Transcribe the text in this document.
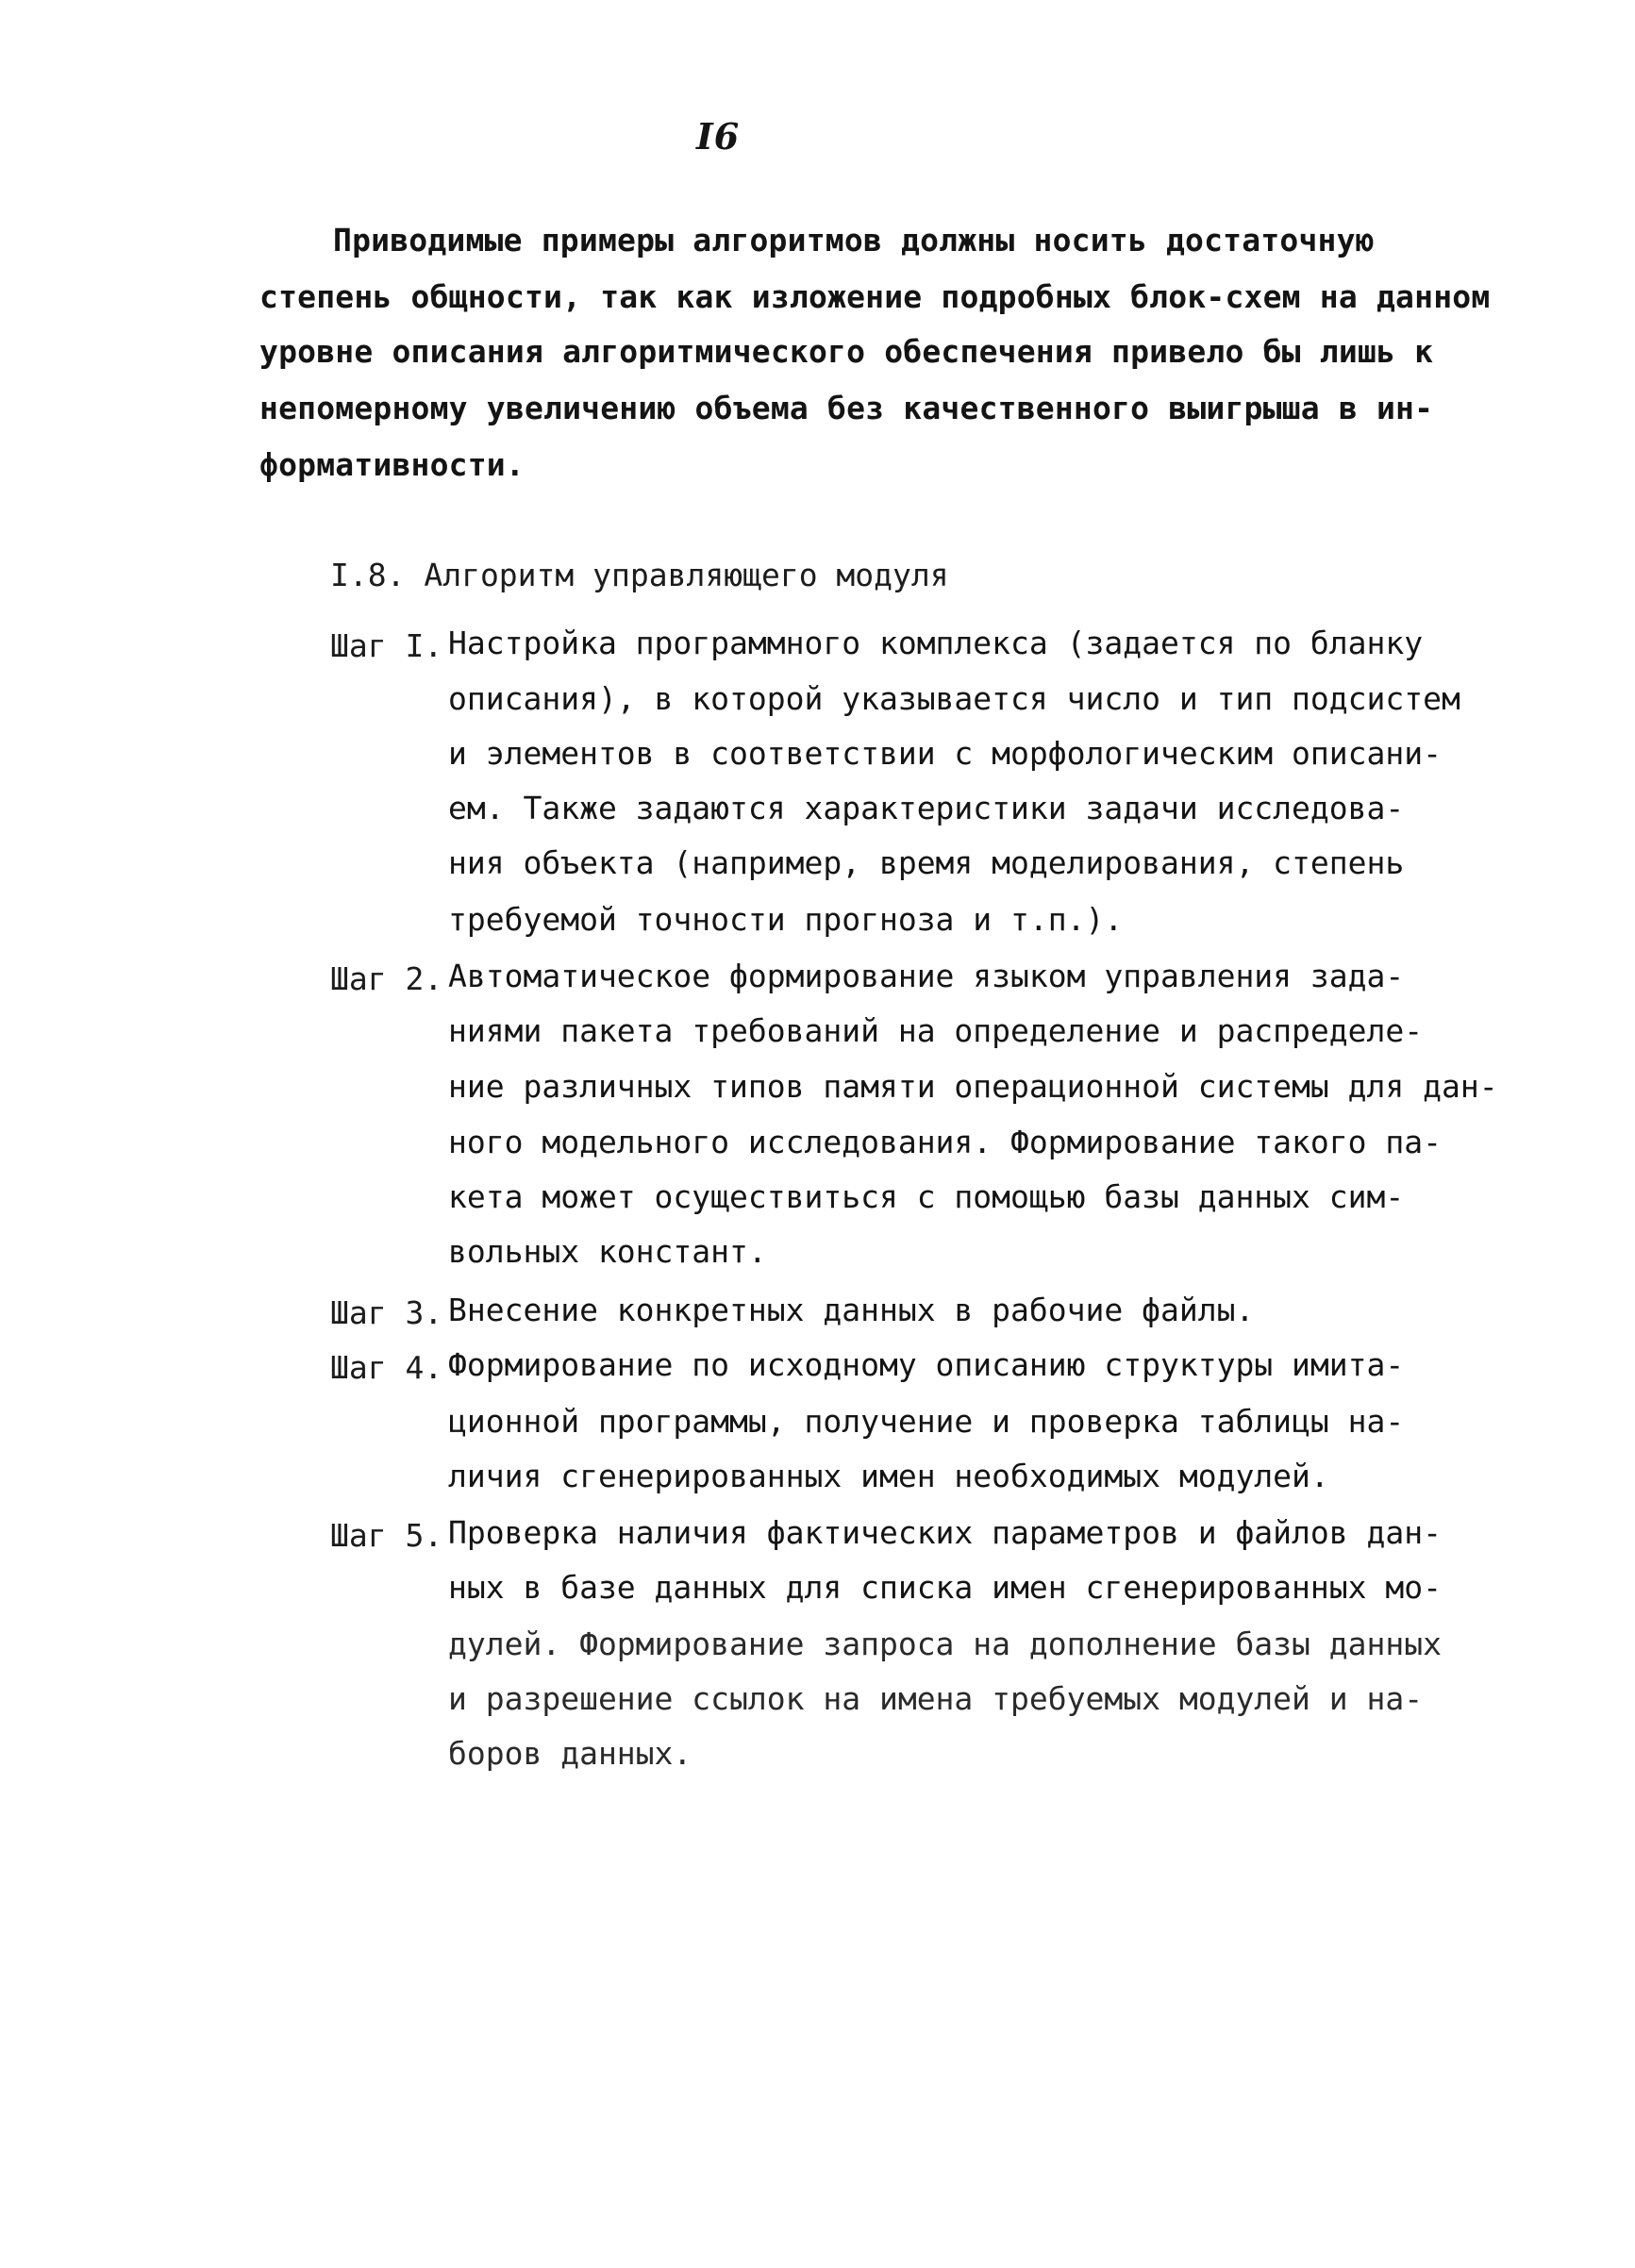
I6
Приводимые примеры алгоритмов должны носить достаточную
степень общности, так как изложение подробных блок-схем на данном
уровне описания алгоритмического обеспечения привело бы лишь к
непомерному увеличению объема без качественного выигрыша в ин-
формативности.
I.8. Алгоритм управляющего модуля
Шаг I. Настройка программного комплекса (задается по бланку
описания), в которой указывается число и тип подсистем
и элементов в соответствии с морфологическим описани-
ем. Также задаются характеристики задачи исследова-
ния объекта (например, время моделирования, степень
требуемой точности прогноза и т.п.).
Шаг 2. Автоматическое формирование языком управления зада-
ниями пакета требований на определение и распределе-
ние различных типов памяти операционной системы для дан-
ного модельного исследования. Формирование такого па-
кета может осуществиться с помощью базы данных сим-
вольных констант.
Шаг 3. Внесение конкретных данных в рабочие файлы.
Шаг 4. Формирование по исходному описанию структуры имита-
ционной программы, получение и проверка таблицы на-
личия сгенерированных имен необходимых модулей.
Шаг 5. Проверка наличия фактических параметров и файлов дан-
ных в базе данных для списка имен сгенерированных мо-
дулей. Формирование запроса на дополнение базы данных
и разрешение ссылок на имена требуемых модулей и на-
боров данных.
